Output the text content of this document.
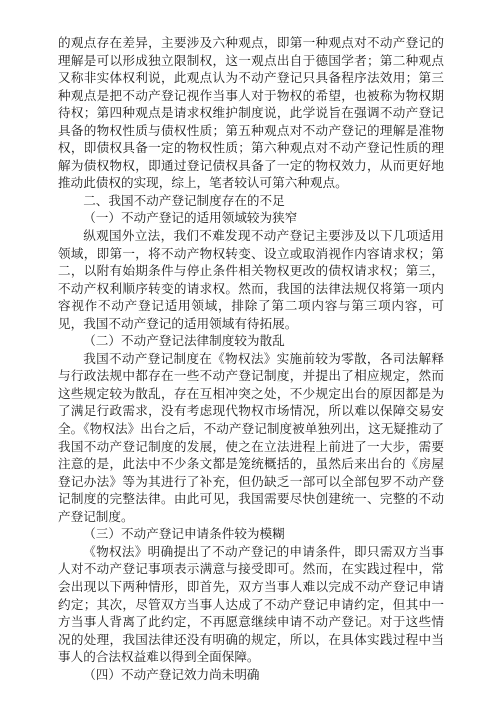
的观点存在差异，主要涉及六种观点，即第一种观点对不动产登记的理解是可以形成独立限制权，这一观点出自于德国学者；第二种观点又称非实体权利说，此观点认为不动产登记只具备程序法效用；第三种观点是把不动产登记视作当事人对于物权的希望，也被称为物权期待权；第四种观点是请求权维护制度说，此学说旨在强调不动产登记具备的物权性质与债权性质；第五种观点对不动产登记的理解是准物权，即债权具备一定的物权性质；第六种观点对不动产登记性质的理解为债权物权，即通过登记债权具备了一定的物权效力，从而更好地推动此债权的实现，综上，笔者较认可第六种观点。

二、我国不动产登记制度存在的不足

（一）不动产登记的适用领域较为狭窄

纵观国外立法，我们不难发现不动产登记主要涉及以下几项适用领域，即第一，将不动产物权转变、设立或取消视作内容请求权；第二，以附有始期条件与停止条件相关物权更改的债权请求权；第三，不动产权利顺序转变的请求权。然而，我国的法律法规仅将第一项内容视作不动产登记适用领域，排除了第二项内容与第三项内容，可见，我国不动产登记的适用领域有待拓展。

（二）不动产登记法律制度较为散乱

我国不动产登记制度在《物权法》实施前较为零散，各司法解释与行政法规中都存在一些不动产登记制度，并提出了相应规定，然而这些规定较为散乱，存在互相冲突之处，不少规定出台的原因都是为了满足行政需求，没有考虑现代物权市场情况，所以难以保障交易安全。《物权法》出台之后，不动产登记制度被单独列出，这无疑推动了我国不动产登记制度的发展，使之在立法进程上前进了一大步，需要注意的是，此法中不少条文都是笼统概括的，虽然后来出台的《房屋登记办法》等为其进行了补充，但仍缺乏一部可以全部包罗不动产登记制度的完整法律。由此可见，我国需要尽快创建统一、完整的不动产登记制度。

（三）不动产登记申请条件较为模糊

《物权法》明确提出了不动产登记的申请条件，即只需双方当事人对不动产登记事项表示满意与接受即可。然而，在实践过程中，常会出现以下两种情形，即首先，双方当事人难以完成不动产登记申请约定；其次，尽管双方当事人达成了不动产登记申请约定，但其中一方当事人背离了此约定，不再愿意继续申请不动产登记。对于这些情况的处理，我国法律还没有明确的规定，所以，在具体实践过程中当事人的合法权益难以得到全面保障。

（四）不动产登记效力尚未明确
